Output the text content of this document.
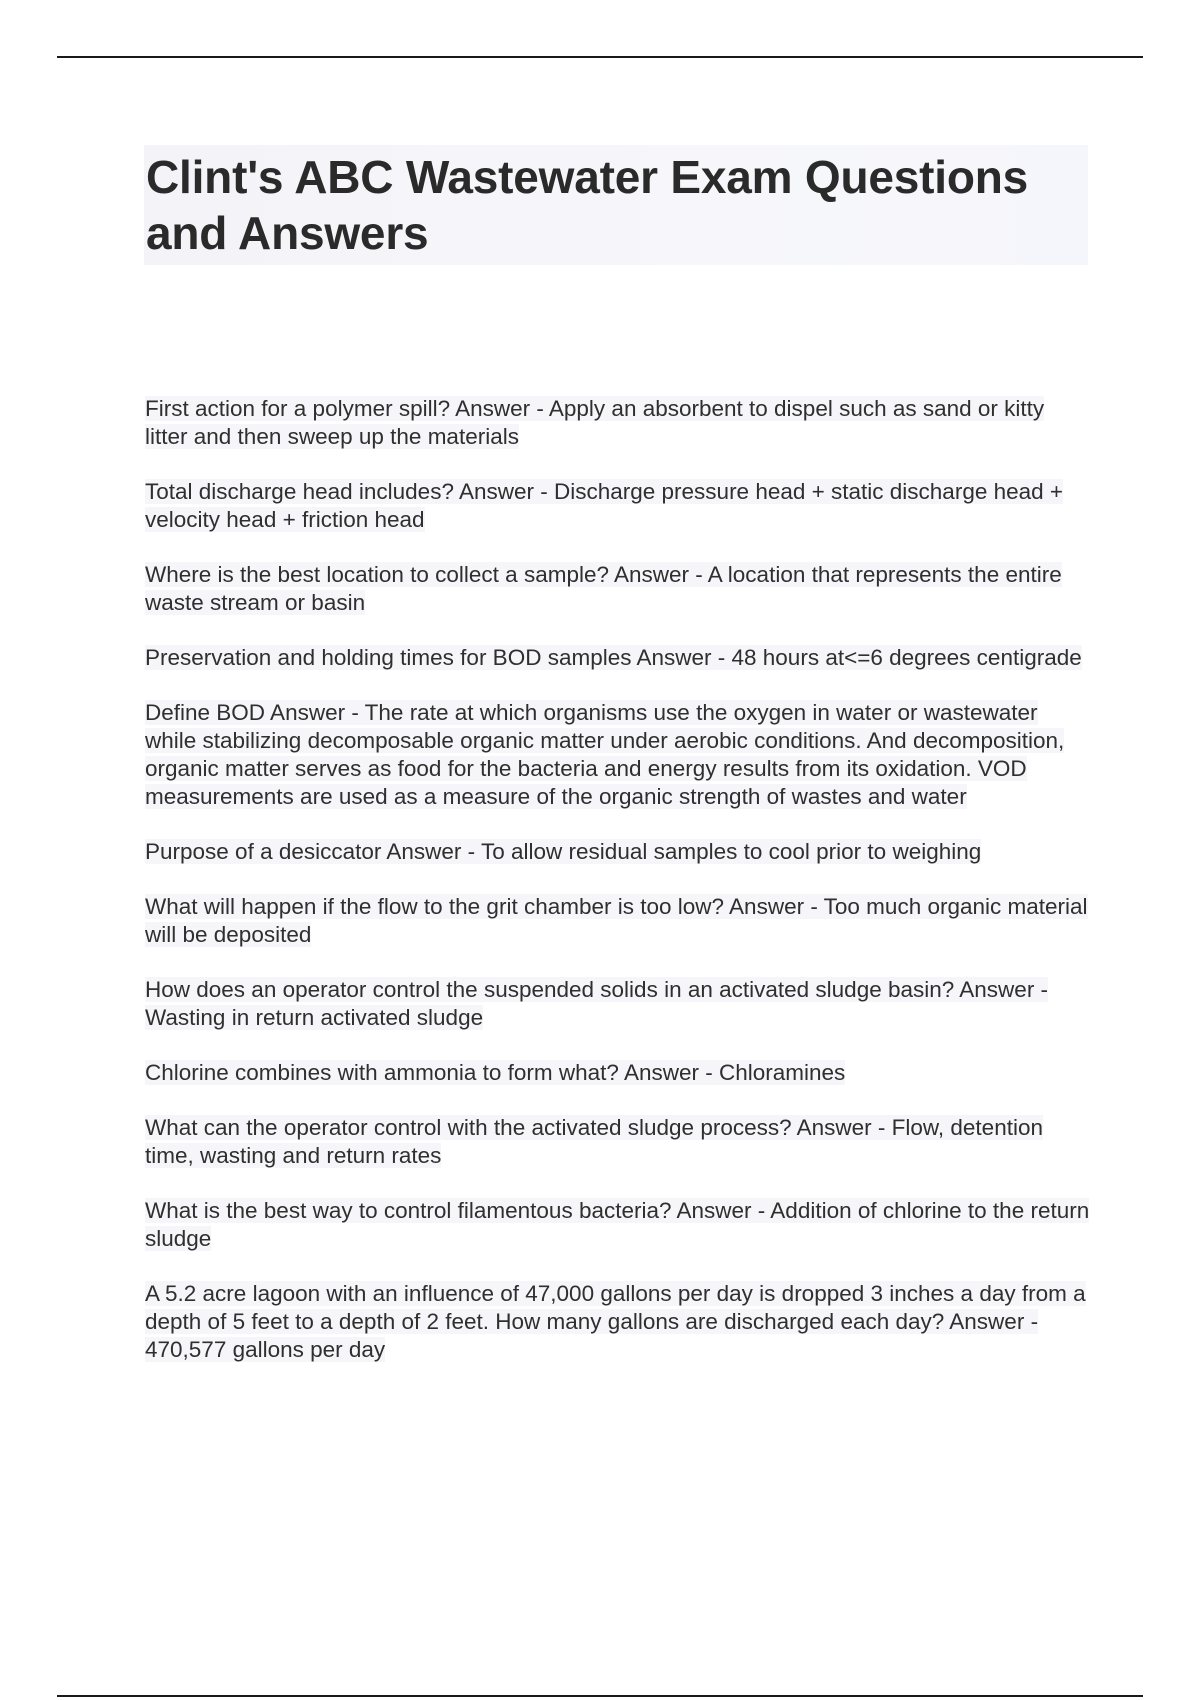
Clint's ABC Wastewater Exam Questions and Answers
First action for a polymer spill? Answer - Apply an absorbent to dispel such as sand or kitty litter and then sweep up the materials
Total discharge head includes? Answer - Discharge pressure head + static discharge head + velocity head + friction head
Where is the best location to collect a sample? Answer - A location that represents the entire waste stream or basin
Preservation and holding times for BOD samples Answer - 48 hours at<=6 degrees centigrade
Define BOD Answer - The rate at which organisms use the oxygen in water or wastewater while stabilizing decomposable organic matter under aerobic conditions. And decomposition, organic matter serves as food for the bacteria and energy results from its oxidation. VOD measurements are used as a measure of the organic strength of wastes and water
Purpose of a desiccator Answer - To allow residual samples to cool prior to weighing
What will happen if the flow to the grit chamber is too low? Answer - Too much organic material will be deposited
How does an operator control the suspended solids in an activated sludge basin? Answer - Wasting in return activated sludge
Chlorine combines with ammonia to form what? Answer - Chloramines
What can the operator control with the activated sludge process? Answer - Flow, detention time, wasting and return rates
What is the best way to control filamentous bacteria? Answer - Addition of chlorine to the return sludge
A 5.2 acre lagoon with an influence of 47,000 gallons per day is dropped 3 inches a day from a depth of 5 feet to a depth of 2 feet. How many gallons are discharged each day? Answer - 470,577 gallons per day
